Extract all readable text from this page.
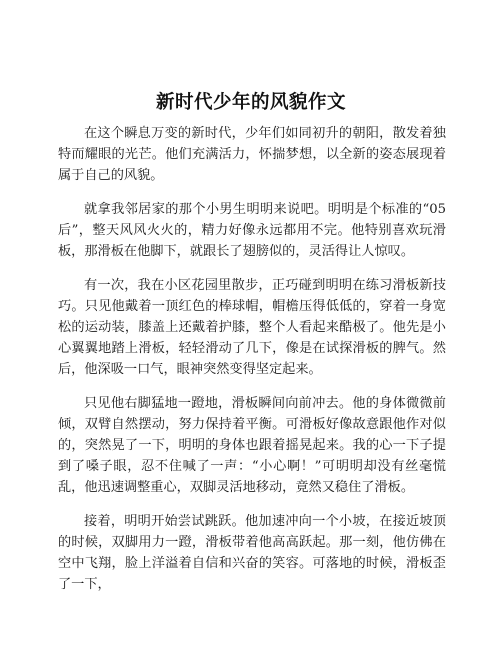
新时代少年的风貌作文

在这个瞬息万变的新时代，少年们如同初升的朝阳，散发着独特而耀眼的光芒。他们充满活力，怀揣梦想，以全新的姿态展现着属于自己的风貌。

就拿我邻居家的那个小男生明明来说吧。明明是个标准的“05后”，整天风风火火的，精力好像永远都用不完。他特别喜欢玩滑板，那滑板在他脚下，就跟长了翅膀似的，灵活得让人惊叹。

有一次，我在小区花园里散步，正巧碰到明明在练习滑板新技巧。只见他戴着一顶红色的棒球帽，帽檐压得低低的，穿着一身宽松的运动装，膝盖上还戴着护膝，整个人看起来酷极了。他先是小心翼翼地踏上滑板，轻轻滑动了几下，像是在试探滑板的脾气。然后，他深吸一口气，眼神突然变得坚定起来。

只见他右脚猛地一蹬地，滑板瞬间向前冲去。他的身体微微前倾，双臂自然摆动，努力保持着平衡。可滑板好像故意跟他作对似的，突然晃了一下，明明的身体也跟着摇晃起来。我的心一下子提到了嗓子眼，忍不住喊了一声：“小心啊！”可明明却没有丝毫慌乱，他迅速调整重心，双脚灵活地移动，竟然又稳住了滑板。

接着，明明开始尝试跳跃。他加速冲向一个小坡，在接近坡顶的时候，双脚用力一蹬，滑板带着他高高跃起。那一刻，他仿佛在空中飞翔，脸上洋溢着自信和兴奋的笑容。可落地的时候，滑板歪了一下，
